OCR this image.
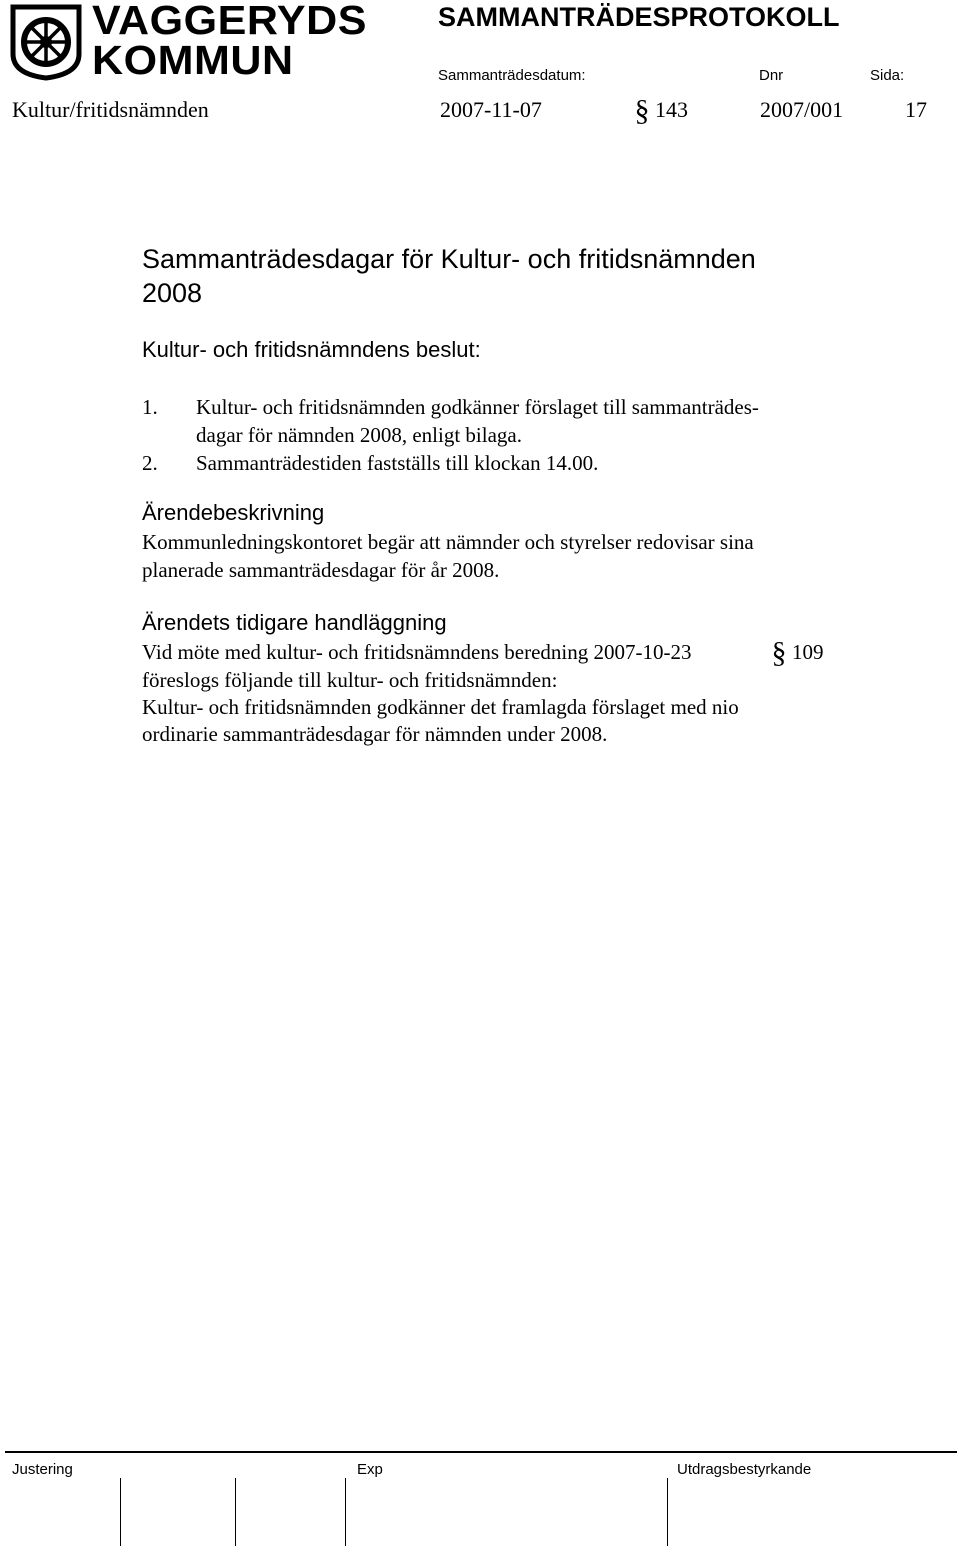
VAGGERYDS
KOMMUN
SAMMANTRÄDESPROTOKOLL
Sammanträdesdatum:	Dnr	Sida:
Kultur/fritidsnämnden	2007-11-07	§ 143	2007/001	17
Sammanträdesdagar för Kultur- och fritidsnämnden
2008
Kultur- och fritidsnämndens beslut:
1. Kultur- och fritidsnämnden godkänner förslaget till sammanträdes-
dagar för nämnden 2008, enligt bilaga.
2. Sammanträdestiden fastställs till klockan 14.00.
Ärendebeskrivning
Kommunledningskontoret begär att nämnder och styrelser redovisar sina
planerade sammanträdesdagar för år 2008.
Ärendets tidigare handläggning
Vid möte med kultur- och fritidsnämndens beredning 2007-10-23	§ 109
föreslogs följande till kultur- och fritidsnämnden:
Kultur- och fritidsnämnden godkänner det framlagda förslaget med nio
ordinarie sammanträdesdagar för nämnden under 2008.
Justering	Exp	Utdragsbestyrkande
